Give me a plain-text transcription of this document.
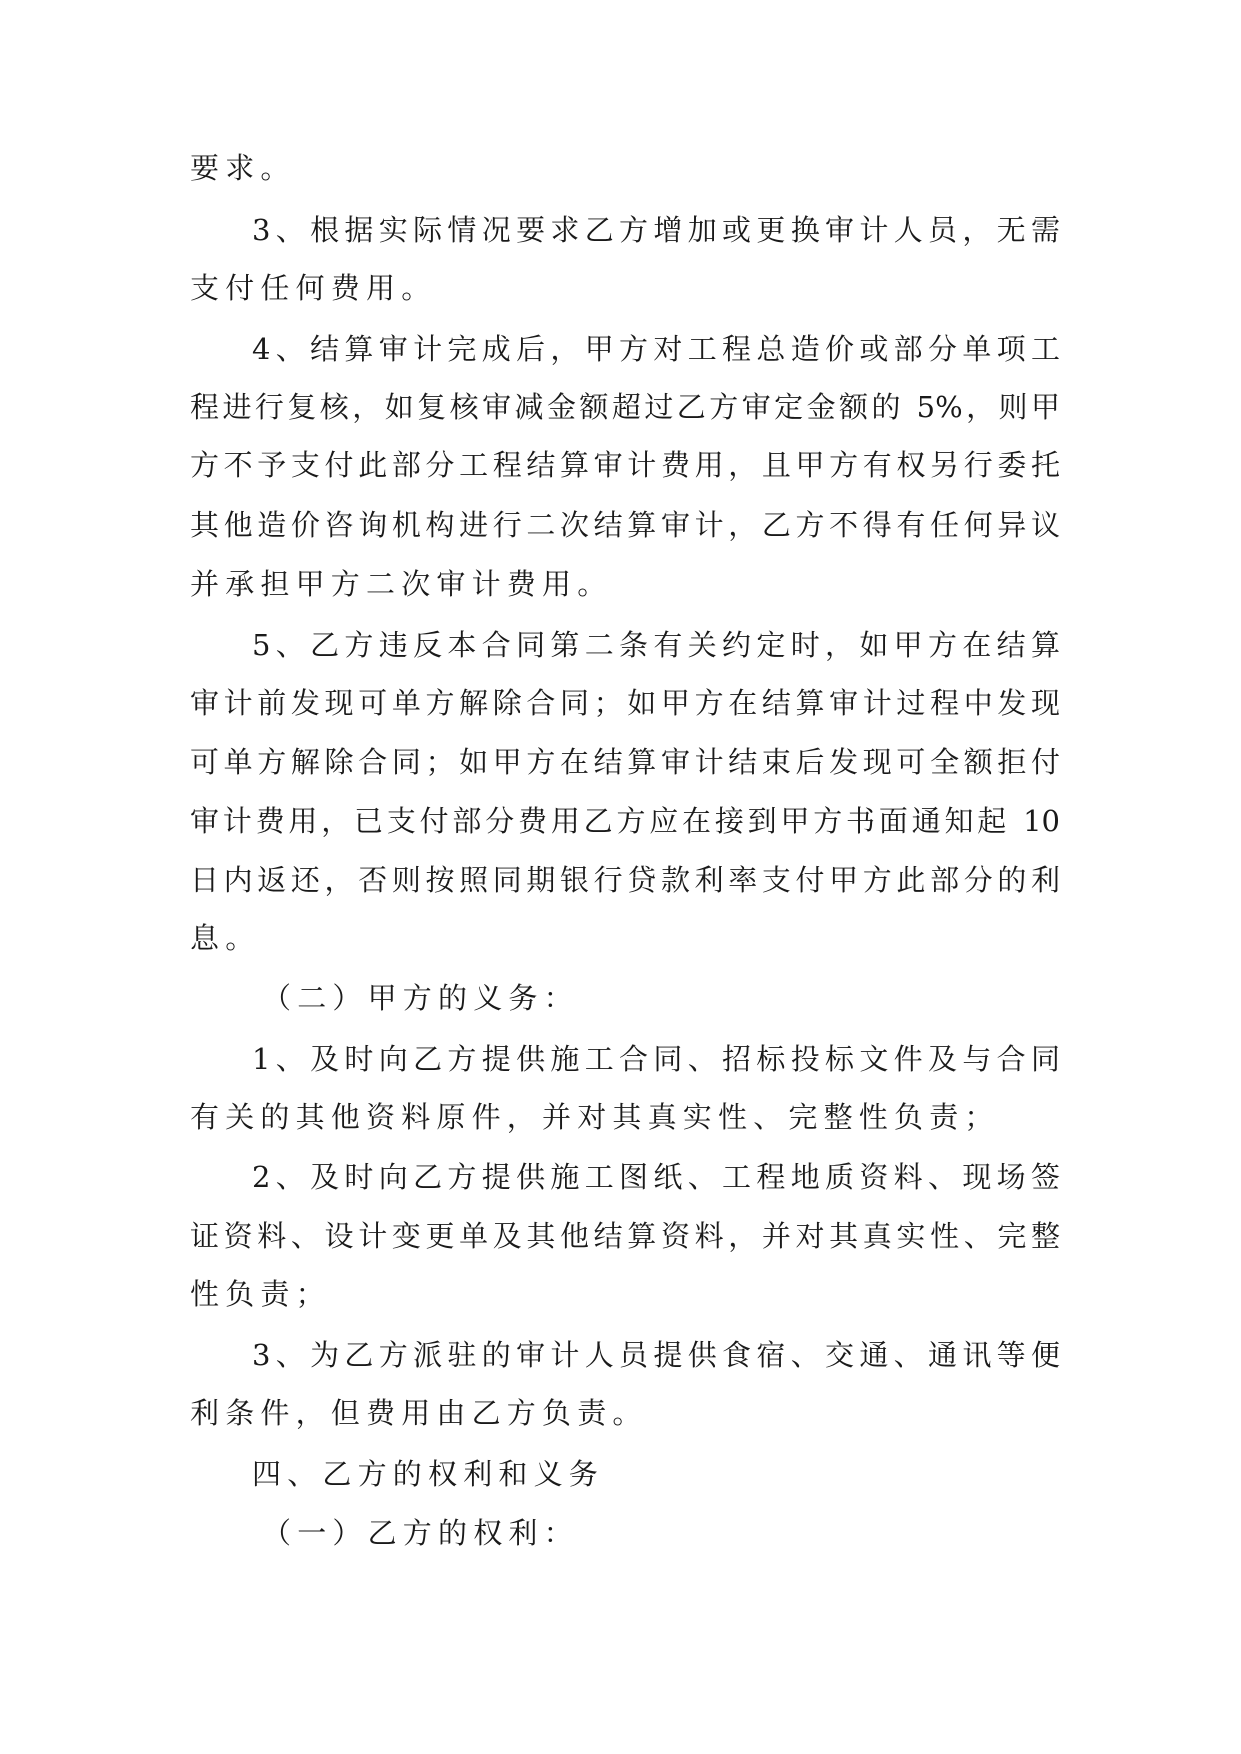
要求。
3、根据实际情况要求乙方增加或更换审计人员，无需
支付任何费用。
4、结算审计完成后，甲方对工程总造价或部分单项工
程进行复核，如复核审减金额超过乙方审定金额的 5%，则甲
方不予支付此部分工程结算审计费用，且甲方有权另行委托
其他造价咨询机构进行二次结算审计，乙方不得有任何异议
并承担甲方二次审计费用。
5、乙方违反本合同第二条有关约定时，如甲方在结算
审计前发现可单方解除合同；如甲方在结算审计过程中发现
可单方解除合同；如甲方在结算审计结束后发现可全额拒付
审计费用，已支付部分费用乙方应在接到甲方书面通知起 10
日内返还，否则按照同期银行贷款利率支付甲方此部分的利
息。
（二）甲方的义务：
1、及时向乙方提供施工合同、招标投标文件及与合同
有关的其他资料原件，并对其真实性、完整性负责；
2、及时向乙方提供施工图纸、工程地质资料、现场签
证资料、设计变更单及其他结算资料，并对其真实性、完整
性负责；
3、为乙方派驻的审计人员提供食宿、交通、通讯等便
利条件，但费用由乙方负责。
四、乙方的权利和义务
（一）乙方的权利：
